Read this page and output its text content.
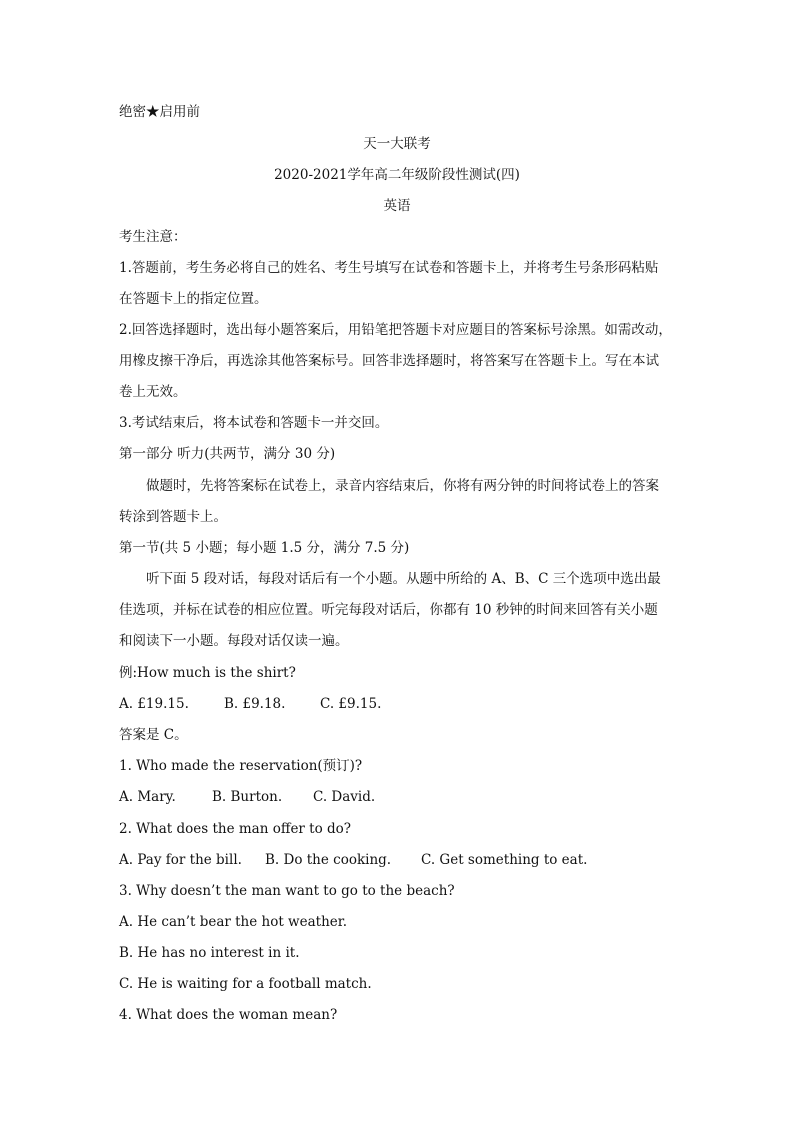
绝密★启用前
天一大联考
2020-2021学年高二年级阶段性测试(四)
英语
考生注意：
1.答题前，考生务必将自己的姓名、考生号填写在试卷和答题卡上，并将考生号条形码粘贴
在答题卡上的指定位置。
2.回答选择题时，选出每小题答案后，用铅笔把答题卡对应题目的答案标号涂黑。如需改动，
用橡皮擦干净后，再选涂其他答案标号。回答非选择题时，将答案写在答题卡上。写在本试
卷上无效。
3.考试结束后，将本试卷和答题卡一并交回。
第一部分 听力(共两节，满分 30 分)
做题时，先将答案标在试卷上，录音内容结束后，你将有两分钟的时间将试卷上的答案
转涂到答题卡上。
第一节(共 5 小题；每小题 1.5 分，满分 7.5 分)
听下面 5 段对话，每段对话后有一个小题。从题中所给的 A、B、C 三个选项中选出最
佳选项，并标在试卷的相应位置。听完每段对话后，你都有 10 秒钟的时间来回答有关小题
和阅读下一小题。每段对话仅读一遍。
例:How much is the shirt?
A. £19.15.	B. £9.18.	C. £9.15.
答案是 C。
1. Who made the reservation(预订)?
A. Mary.	B. Burton. C. David.
2. What does the man offer to do?
A. Pay for the bill. B. Do the cooking. C. Get something to eat.
3. Why doesn’t the man want to go to the beach?
A. He can’t bear the hot weather.
B. He has no interest in it.
C. He is waiting for a football match.
4. What does the woman mean?
